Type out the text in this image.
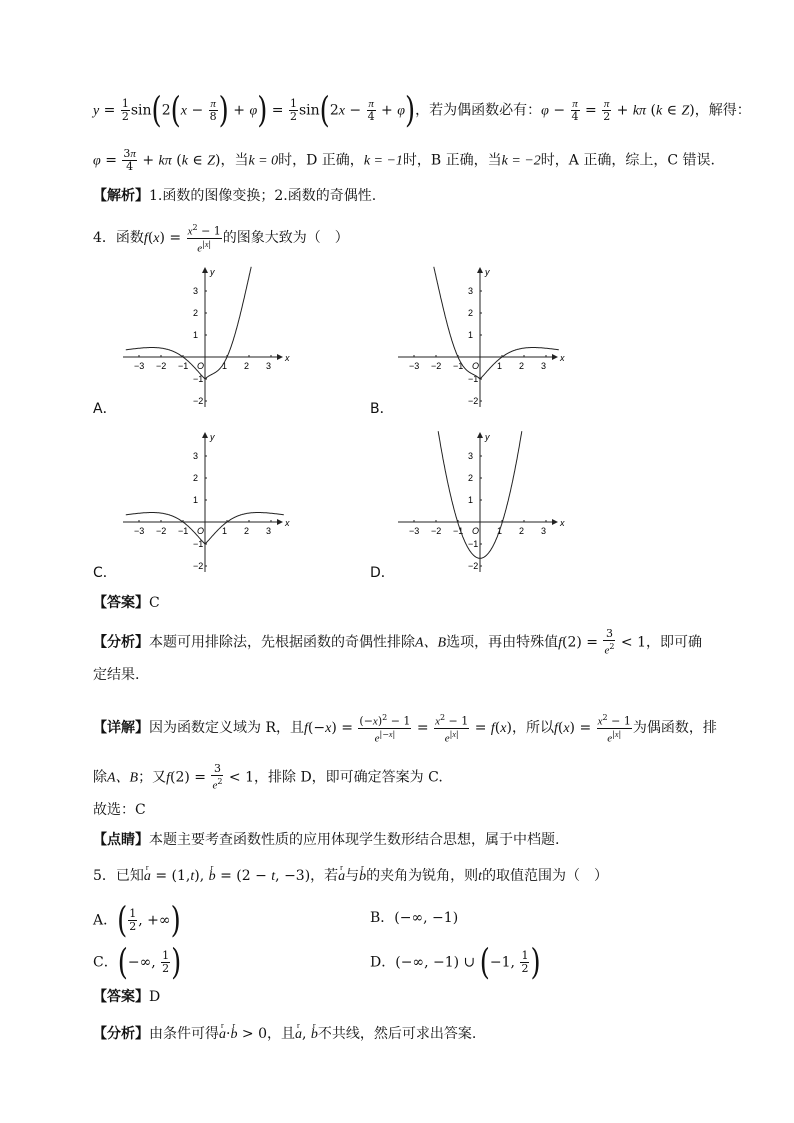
$y = \frac{1}{2} \sin(2(x - \frac{\pi}{8}$ ) + $\varphi) = \frac{1}{2} \sin(2x - \frac{\pi}{4} + \varphi)$，若为偶函数必有：$\varphi - \frac{\pi}{4} = \frac{\pi}{2} + k\pi$ (k ∈ Z)，解得：
$\varphi = \frac{3\pi}{4} + k\pi$ (k ∈ Z)，当k = 0时，D 正确，k = −1时，B 正确，当k = −2时，A 正确，综上，C 错误.
【解析】1.函数的图像变换；2.函数的奇偶性.
4．函数$f(x) = \frac{x^2 - 1}{e^{|x|}}$ 的图象大致为（　）
x
y
−3 −2 −1 O 1 2 3
3
2
1
−1
−2
x
y
−3 −2 −1 O 1 2 3
3
2
1
−1
−2
x
y
−3 −2 −1 O 1 2 3
3
2
1
−1
−2
x
y
−3 −2 −1 O 1 2 3
3
2
1
−1
−2
A．	B．
C．	D．
【答案】C
【分析】本题可用排除法，先根据函数的奇偶性排除A、B选项，再由特殊值$f(2) = \frac{3}{e^2} < 1$，即可确
定结果.
【详解】因为函数定义域为 R，且$f(-x) = \frac{(-x)^2 - 1}{e^{|-x|}} = \frac{x^2 - 1}{e^{|x|}} = f(x)$，所以$f(x) = \frac{x^2 - 1}{e^{|x|}}$ 为偶函数，排
除A、B；又$f(2) = \frac{3}{e^2} < 1$，排除 D，即可确定答案为 C.
故选：C
【点睛】本题主要考查函数性质的应用体现学生数形结合思想，属于中档题.
5．已知r a = (1,t), r b = (2 − t, −3)，若r a与r b的夹角为锐角，则t的取值范围为（　）
A．( $\frac{1}{2}$ , +∞)	B．(−∞, −1)
C．(−∞, $\frac{1}{2}$ )	D．(−∞, −1) ∪ (−1, $\frac{1}{2}$ )
【答案】D
【分析】由条件可得r a·r b > 0，且r a, r b不共线，然后可求出答案.
